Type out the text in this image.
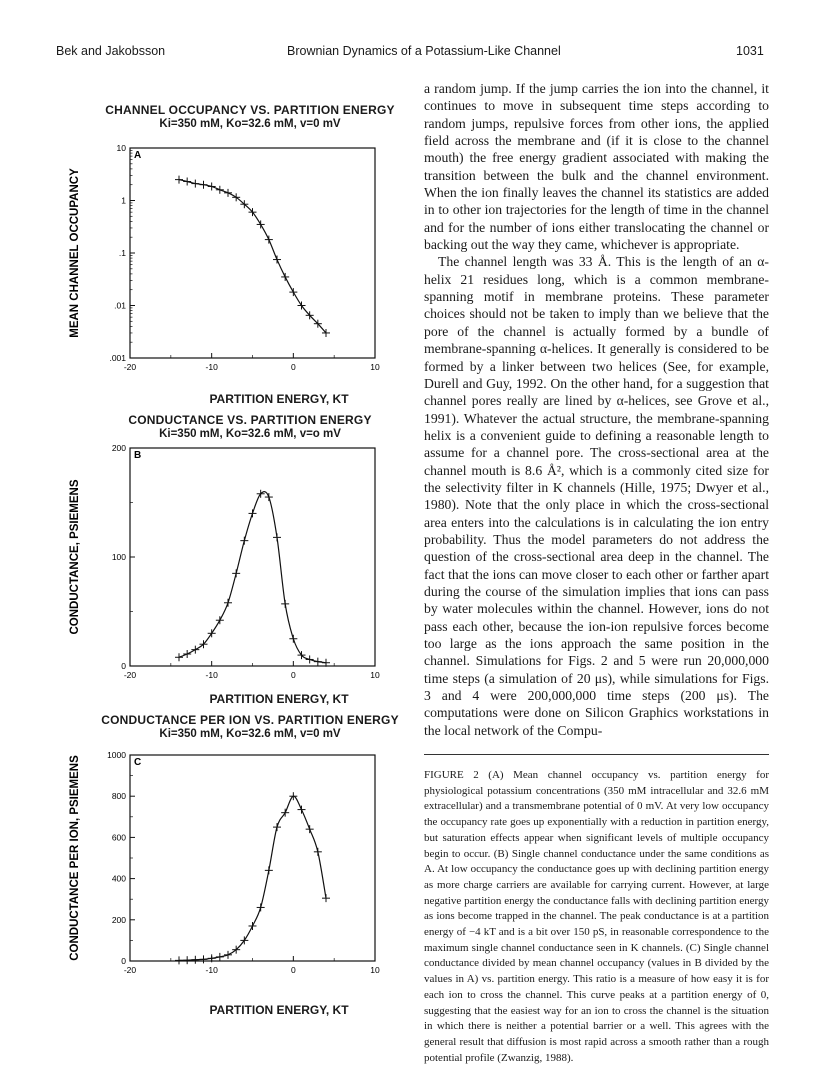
Bek and Jakobsson	Brownian Dynamics of a Potassium-Like Channel	1031
CHANNEL OCCUPANCY VS. PARTITION ENERGY
Ki=350 mM, Ko=32.6 mM, v=0 mV
.001
.01
.1
1
10
-20	-10	0	10
A
MEAN CHANNEL OCCUPANCY
PARTITION ENERGY, KT
CONDUCTANCE VS. PARTITION ENERGY
Ki=350 mM, Ko=32.6 mM, v=o mV
0
100
200
-20	-10	0	10
B
CONDUCTANCE, PSIEMENS
PARTITION ENERGY, KT
CONDUCTANCE PER ION VS. PARTITION ENERGY
Ki=350 mM, Ko=32.6 mM, v=0 mV
0
200
400
600
800
1000
-20	-10	0	10
C
CONDUCTANCE PER ION, PSIEMENS
PARTITION ENERGY, KT

a random jump. If the jump carries the ion into the channel, it continues to move in subsequent time steps according to random jumps, repulsive forces from other ions, the applied field across the membrane and (if it is close to the channel mouth) the free energy gradient associated with making the transition between the bulk and the channel environment. When the ion finally leaves the channel its statistics are added in to other ion trajectories for the length of time in the channel and for the number of ions either translocating the channel or backing out the way they came, whichever is appropriate.

The channel length was 33 Å. This is the length of an α-helix 21 residues long, which is a common membrane-spanning motif in membrane proteins. These parameter choices should not be taken to imply than we believe that the pore of the channel is actually formed by a bundle of membrane-spanning α-helices. It generally is considered to be formed by a linker between two helices (See, for example, Durell and Guy, 1992. On the other hand, for a suggestion that channel pores really are lined by α-helices, see Grove et al., 1991). Whatever the actual structure, the membrane-spanning helix is a convenient guide to defining a reasonable length to assume for a channel pore. The cross-sectional area at the channel mouth is 8.6 Å², which is a commonly cited size for the selectivity filter in K channels (Hille, 1975; Dwyer et al., 1980). Note that the only place in which the cross-sectional area enters into the calculations is in calculating the ion entry probability. Thus the model parameters do not address the question of the cross-sectional area deep in the channel. The fact that the ions can move closer to each other or farther apart during the course of the simulation implies that ions can pass by water molecules within the channel. However, ions do not pass each other, because the ion-ion repulsive forces become too large as the ions approach the same position in the channel. Simulations for Figs. 2 and 5 were run 20,000,000 time steps (a simulation of 20 μs), while simulations for Figs. 3 and 4 were 200,000,000 time steps (200 μs). The computations were done on Silicon Graphics workstations in the local network of the Compu-

FIGURE 2 (A) Mean channel occupancy vs. partition energy for physiological potassium concentrations (350 mM intracellular and 32.6 mM extracellular) and a transmembrane potential of 0 mV. At very low occupancy the occupancy rate goes up exponentially with a reduction in partition energy, but saturation effects appear when significant levels of multiple occupancy begin to occur. (B) Single channel conductance under the same conditions as A. At low occupancy the conductance goes up with declining partition energy as more charge carriers are available for carrying current. However, at large negative partition energy the conductance falls with declining partition energy as ions become trapped in the channel. The peak conductance is at a partition energy of −4 kT and is a bit over 150 pS, in reasonable correspondence to the maximum single channel conductance seen in K channels. (C) Single channel conductance divided by mean channel occupancy (values in B divided by the values in A) vs. partition energy. This ratio is a measure of how easy it is for each ion to cross the channel. This curve peaks at a partition energy of 0, suggesting that the easiest way for an ion to cross the channel is the situation in which there is neither a potential barrier or a well. This agrees with the general result that diffusion is most rapid across a smooth rather than a rough potential profile (Zwanzig, 1988).
